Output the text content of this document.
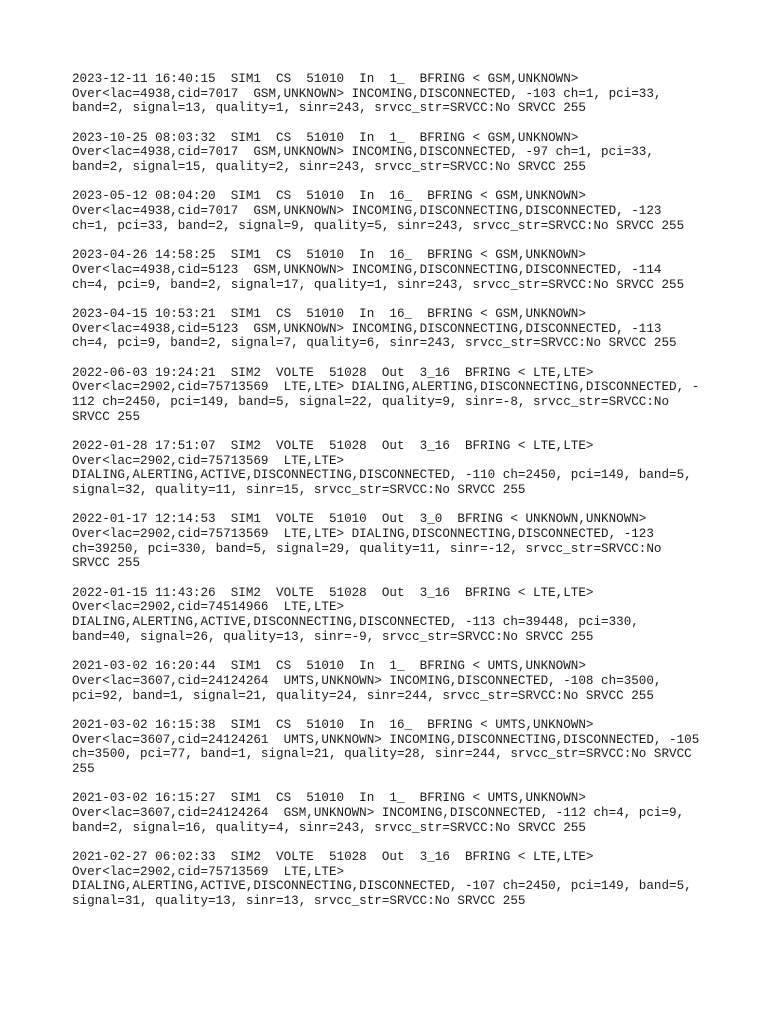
2023-12-11 16:40:15  SIM1  CS  51010  In  1_  BFRING < GSM,UNKNOWN>
Over<lac=4938,cid=7017  GSM,UNKNOWN> INCOMING,DISCONNECTED, -103 ch=1, pci=33,
band=2, signal=13, quality=1, sinr=243, srvcc_str=SRVCC:No SRVCC 255
2023-10-25 08:03:32  SIM1  CS  51010  In  1_  BFRING < GSM,UNKNOWN>
Over<lac=4938,cid=7017  GSM,UNKNOWN> INCOMING,DISCONNECTED, -97 ch=1, pci=33,
band=2, signal=15, quality=2, sinr=243, srvcc_str=SRVCC:No SRVCC 255
2023-05-12 08:04:20  SIM1  CS  51010  In  16_  BFRING < GSM,UNKNOWN>
Over<lac=4938,cid=7017  GSM,UNKNOWN> INCOMING,DISCONNECTING,DISCONNECTED, -123
ch=1, pci=33, band=2, signal=9, quality=5, sinr=243, srvcc_str=SRVCC:No SRVCC 255
2023-04-26 14:58:25  SIM1  CS  51010  In  16_  BFRING < GSM,UNKNOWN>
Over<lac=4938,cid=5123  GSM,UNKNOWN> INCOMING,DISCONNECTING,DISCONNECTED, -114
ch=4, pci=9, band=2, signal=17, quality=1, sinr=243, srvcc_str=SRVCC:No SRVCC 255
2023-04-15 10:53:21  SIM1  CS  51010  In  16_  BFRING < GSM,UNKNOWN>
Over<lac=4938,cid=5123  GSM,UNKNOWN> INCOMING,DISCONNECTING,DISCONNECTED, -113
ch=4, pci=9, band=2, signal=7, quality=6, sinr=243, srvcc_str=SRVCC:No SRVCC 255
2022-06-03 19:24:21  SIM2  VOLTE  51028  Out  3_16  BFRING < LTE,LTE>
Over<lac=2902,cid=75713569  LTE,LTE> DIALING,ALERTING,DISCONNECTING,DISCONNECTED, -
112 ch=2450, pci=149, band=5, signal=22, quality=9, sinr=-8, srvcc_str=SRVCC:No
SRVCC 255
2022-01-28 17:51:07  SIM2  VOLTE  51028  Out  3_16  BFRING < LTE,LTE>
Over<lac=2902,cid=75713569  LTE,LTE>
DIALING,ALERTING,ACTIVE,DISCONNECTING,DISCONNECTED, -110 ch=2450, pci=149, band=5,
signal=32, quality=11, sinr=15, srvcc_str=SRVCC:No SRVCC 255
2022-01-17 12:14:53  SIM1  VOLTE  51010  Out  3_0  BFRING < UNKNOWN,UNKNOWN>
Over<lac=2902,cid=75713569  LTE,LTE> DIALING,DISCONNECTING,DISCONNECTED, -123
ch=39250, pci=330, band=5, signal=29, quality=11, sinr=-12, srvcc_str=SRVCC:No
SRVCC 255
2022-01-15 11:43:26  SIM2  VOLTE  51028  Out  3_16  BFRING < LTE,LTE>
Over<lac=2902,cid=74514966  LTE,LTE>
DIALING,ALERTING,ACTIVE,DISCONNECTING,DISCONNECTED, -113 ch=39448, pci=330,
band=40, signal=26, quality=13, sinr=-9, srvcc_str=SRVCC:No SRVCC 255
2021-03-02 16:20:44  SIM1  CS  51010  In  1_  BFRING < UMTS,UNKNOWN>
Over<lac=3607,cid=24124264  UMTS,UNKNOWN> INCOMING,DISCONNECTED, -108 ch=3500,
pci=92, band=1, signal=21, quality=24, sinr=244, srvcc_str=SRVCC:No SRVCC 255
2021-03-02 16:15:38  SIM1  CS  51010  In  16_  BFRING < UMTS,UNKNOWN>
Over<lac=3607,cid=24124261  UMTS,UNKNOWN> INCOMING,DISCONNECTING,DISCONNECTED, -105
ch=3500, pci=77, band=1, signal=21, quality=28, sinr=244, srvcc_str=SRVCC:No SRVCC
255
2021-03-02 16:15:27  SIM1  CS  51010  In  1_  BFRING < UMTS,UNKNOWN>
Over<lac=3607,cid=24124264  GSM,UNKNOWN> INCOMING,DISCONNECTED, -112 ch=4, pci=9,
band=2, signal=16, quality=4, sinr=243, srvcc_str=SRVCC:No SRVCC 255
2021-02-27 06:02:33  SIM2  VOLTE  51028  Out  3_16  BFRING < LTE,LTE>
Over<lac=2902,cid=75713569  LTE,LTE>
DIALING,ALERTING,ACTIVE,DISCONNECTING,DISCONNECTED, -107 ch=2450, pci=149, band=5,
signal=31, quality=13, sinr=13, srvcc_str=SRVCC:No SRVCC 255
